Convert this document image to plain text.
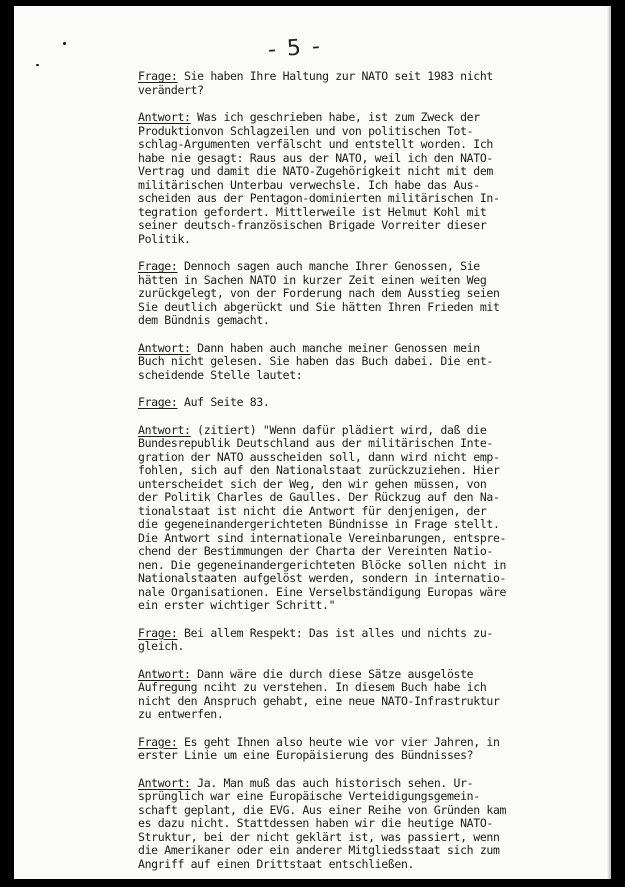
- 5 -

Frage: Sie haben Ihre Haltung zur NATO seit 1983 nicht
verändert?

Antwort: Was ich geschrieben habe, ist zum Zweck der
Produktionvon Schlagzeilen und von politischen Tot-
schlag-Argumenten verfälscht und entstellt worden. Ich
habe nie gesagt: Raus aus der NATO, weil ich den NATO-
Vertrag und damit die NATO-Zugehörigkeit nicht mit dem
militärischen Unterbau verwechsle. Ich habe das Aus-
scheiden aus der Pentagon-dominierten militärischen In-
tegration gefordert. Mittlerweile ist Helmut Kohl mit
seiner deutsch-französischen Brigade Vorreiter dieser
Politik.

Frage: Dennoch sagen auch manche Ihrer Genossen, Sie
hätten in Sachen NATO in kurzer Zeit einen weiten Weg
zurückgelegt, von der Forderung nach dem Ausstieg seien
Sie deutlich abgerückt und Sie hätten Ihren Frieden mit
dem Bündnis gemacht.

Antwort: Dann haben auch manche meiner Genossen mein
Buch nicht gelesen. Sie haben das Buch dabei. Die ent-
scheidende Stelle lautet:

Frage: Auf Seite 83.

Antwort: (zitiert) "Wenn dafür plädiert wird, daß die
Bundesrepublik Deutschland aus der militärischen Inte-
gration der NATO ausscheiden soll, dann wird nicht emp-
fohlen, sich auf den Nationalstaat zurückzuziehen. Hier
unterscheidet sich der Weg, den wir gehen müssen, von
der Politik Charles de Gaulles. Der Rückzug auf den Na-
tionalstaat ist nicht die Antwort für denjenigen, der
die gegeneinandergerichteten Bündnisse in Frage stellt.
Die Antwort sind internationale Vereinbarungen, entspre-
chend der Bestimmungen der Charta der Vereinten Natio-
nen. Die gegeneinandergerichteten Blöcke sollen nicht in
Nationalstaaten aufgelöst werden, sondern in internatio-
nale Organisationen. Eine Verselbständigung Europas wäre
ein erster wichtiger Schritt."

Frage: Bei allem Respekt: Das ist alles und nichts zu-
gleich.

Antwort: Dann wäre die durch diese Sätze ausgelöste
Aufregung nciht zu verstehen. In diesem Buch habe ich
nicht den Anspruch gehabt, eine neue NATO-Infrastruktur
zu entwerfen.

Frage: Es geht Ihnen also heute wie vor vier Jahren, in
erster Linie um eine Europäisierung des Bündnisses?

Antwort: Ja. Man muß das auch historisch sehen. Ur-
sprünglich war eine Europäische Verteidigungsgemein-
schaft geplant, die EVG. Aus einer Reihe von Gründen kam
es dazu nicht. Stattdessen haben wir die heutige NATO-
Struktur, bei der nicht geklärt ist, was passiert, wenn
die Amerikaner oder ein anderer Mitgliedsstaat sich zum
Angriff auf einen Drittstaat entschließen.
